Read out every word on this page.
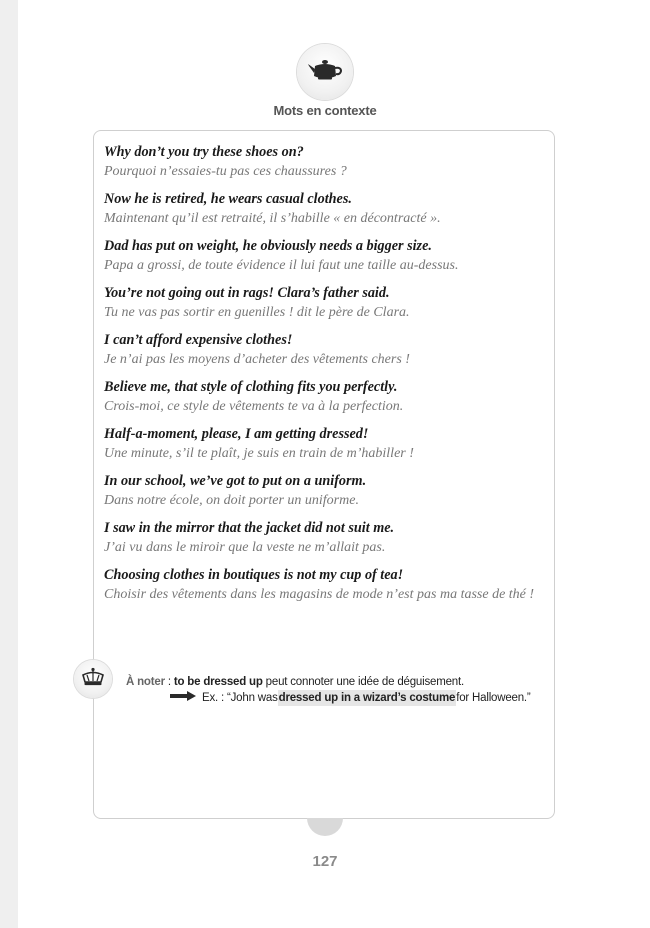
Mots en contexte
Why don’t you try these shoes on?
Pourquoi n’essaies-tu pas ces chaussures ?
Now he is retired, he wears casual clothes.
Maintenant qu’il est retraité, il s’habille « en décontracté ».
Dad has put on weight, he obviously needs a bigger size.
Papa a grossi, de toute évidence il lui faut une taille au-dessus.
You’re not going out in rags! Clara’s father said.
Tu ne vas pas sortir en guenilles ! dit le père de Clara.
I can’t afford expensive clothes!
Je n’ai pas les moyens d’acheter des vêtements chers !
Believe me, that style of clothing fits you perfectly.
Crois-moi, ce style de vêtements te va à la perfection.
Half-a-moment, please, I am getting dressed!
Une minute, s’il te plaît, je suis en train de m’habiller !
In our school, we’ve got to put on a uniform.
Dans notre école, on doit porter un uniforme.
I saw in the mirror that the jacket did not suit me.
J’ai vu dans le miroir que la veste ne m’allait pas.
Choosing clothes in boutiques is not my cup of tea!
Choisir des vêtements dans les magasins de mode n’est pas ma tasse de thé !
À noter : to be dressed up peut connoter une idée de déguisement.
Ex. : “John was dressed up in a wizard’s costume for Halloween.”
127
